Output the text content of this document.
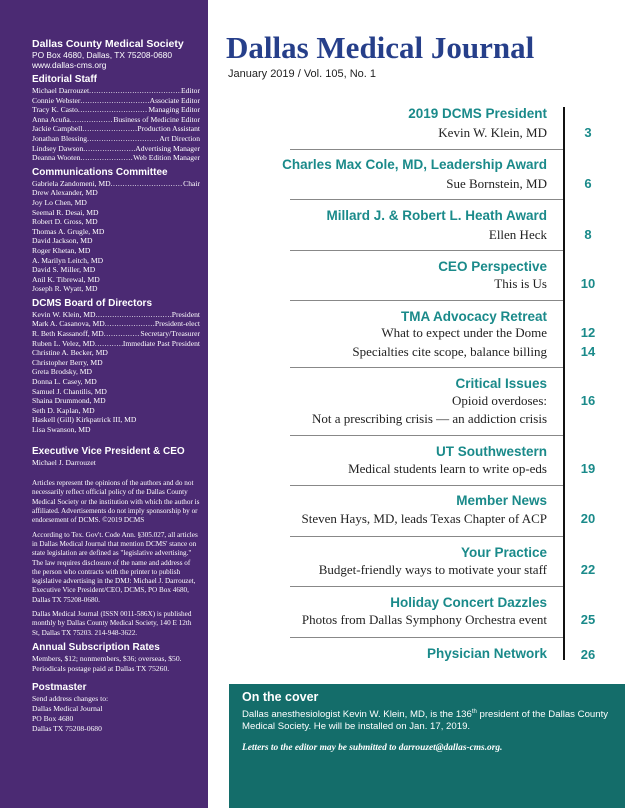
Dallas County Medical Society
PO Box 4680, Dallas, TX 75208-0680
www.dallas-cms.org
Editorial Staff
Michael Darrouzet .....	Editor
Connie Webster .....	Associate Editor
Tracy K. Casto .....	Managing Editor
Anna Acuña .....	Business of Medicine Editor
Jackie Campbell .....	Production Assistant
Jonathan Blessing .....	Art Direction
Lindsey Dawson .....	Advertising Manager
Deanna Wooten .....	Web Edition Manager
Communications Committee
Gabriela Zandomeni, MD .....	Chair
Drew Alexander, MD
Joy Lo Chen, MD
Seemal R. Desai, MD
Robert D. Gross, MD
Thomas A. Grugle, MD
David Jackson, MD
Roger Khetan, MD
A. Marilyn Leitch, MD
David S. Miller, MD
Anil K. Tibrewal, MD
Joseph R. Wyatt, MD
DCMS Board of Directors
Kevin W. Klein, MD .....	President
Mark A. Casanova, MD .....	President-elect
R. Beth Kassanoff, MD .....	Secretary/Treasurer
Ruben L. Velez, MD .....	Immediate Past President
Christine A. Becker, MD
Christopher Berry, MD
Greta Brodsky, MD
Donna L. Casey, MD
Samuel J. Chantilis, MD
Shaina Drummond, MD
Seth D. Kaplan, MD
Haskell (Gill) Kirkpatrick III, MD
Lisa Swanson, MD
Executive Vice President & CEO
Michael J. Darrouzet
Articles represent the opinions of the authors and do not necessarily reflect official policy of the Dallas County Medical Society or the institution with which the author is affiliated. Advertisements do not imply sponsorship by or endorsement of DCMS. ©2019 DCMS
According to Tex. Gov't. Code Ann. §305.027, all articles in Dallas Medical Journal that mention DCMS' stance on state legislation are defined as "legislative advertising." The law requires disclosure of the name and address of the person who contracts with the printer to publish legislative advertising in the DMJ: Michael J. Darrouzet, Executive Vice President/CEO, DCMS, PO Box 4680, Dallas TX 75208-0680.
Dallas Medical Journal (ISSN 0011-586X) is published monthly by Dallas County Medical Society, 140 E 12th St, Dallas TX 75203. 214-948-3622.
Annual Subscription Rates
Members, $12; nonmembers, $36; overseas, $50.
Periodicals postage paid at Dallas TX 75260.
Postmaster
Send address changes to:
Dallas Medical Journal
PO Box 4680
Dallas TX 75208-0680
Dallas Medical Journal
January 2019 / Vol. 105, No. 1
2019 DCMS President
Kevin W. Klein, MD	3
Charles Max Cole, MD, Leadership Award
Sue Bornstein, MD	6
Millard J. & Robert L. Heath Award
Ellen Heck	8
CEO Perspective
This is Us	10
TMA Advocacy Retreat
What to expect under the Dome	12
Specialties cite scope, balance billing	14
Critical Issues
Opioid overdoses:	16
Not a prescribing crisis — an addiction crisis
UT Southwestern
Medical students learn to write op-eds	19
Member News
Steven Hays, MD, leads Texas Chapter of ACP	20
Your Practice
Budget-friendly ways to motivate your staff	22
Holiday Concert Dazzles
Photos from Dallas Symphony Orchestra event	25
Physician Network	26
On the cover
Dallas anesthesiologist Kevin W. Klein, MD, is the 136th president of the Dallas County Medical Society. He will be installed on Jan. 17, 2019.
Letters to the editor may be submitted to darrouzet@dallas-cms.org.
